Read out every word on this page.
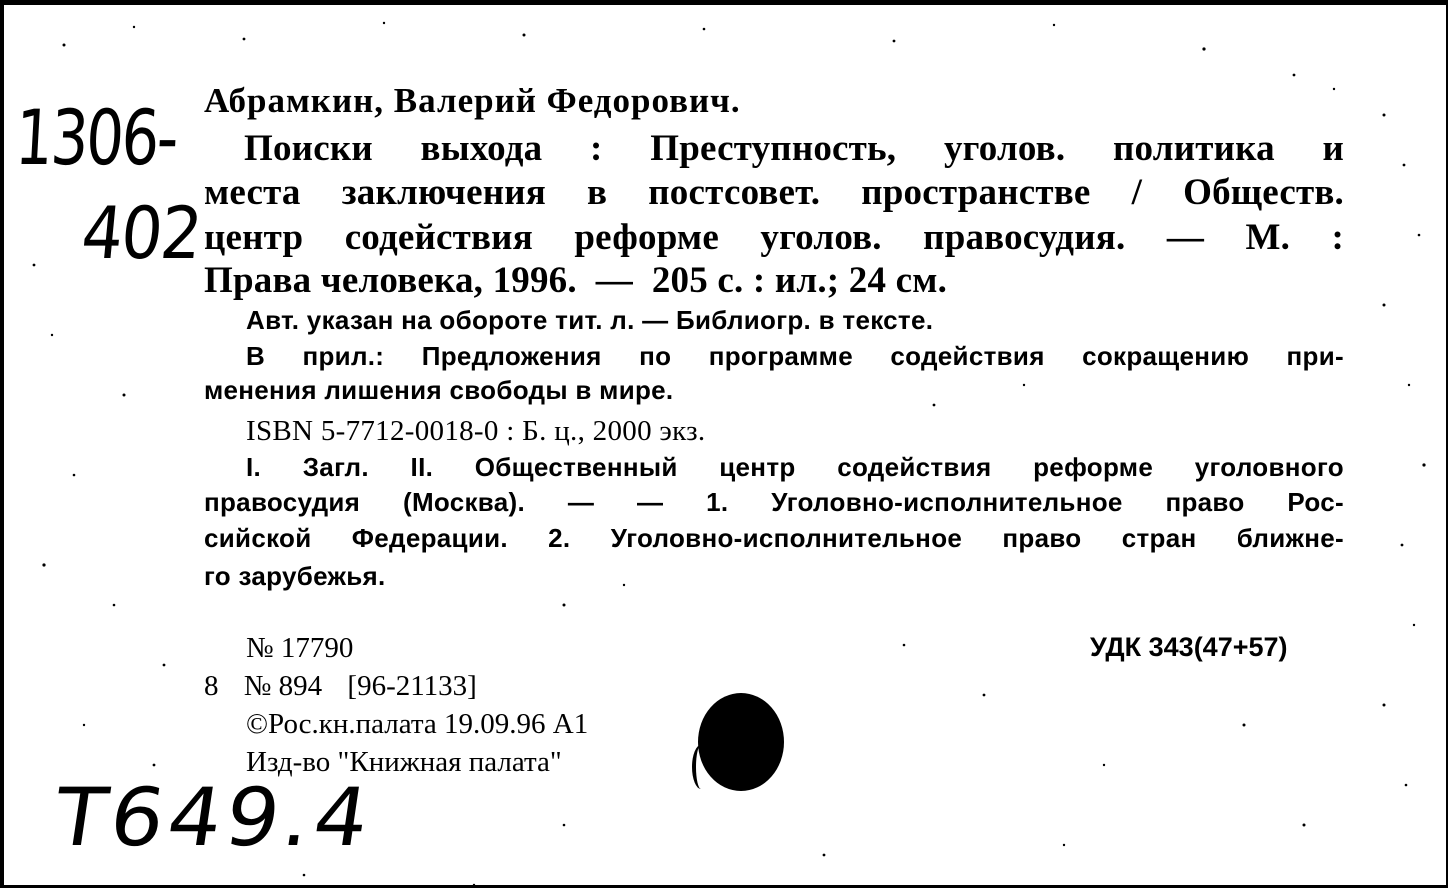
1306-
402
Абрамкин, Валерий Федорович.
Поиски выхода : Преступность, уголов. политика и
места заключения в постсовет. пространстве / Обществ.
центр содействия реформе уголов. правосудия. — М. :
Права человека, 1996.  —  205 с. : ил.; 24 см.
Авт. указан на обороте тит. л. — Библиогр. в тексте.
В прил.: Предложения по программе содействия сокращению при-
менения лишения свободы в мире.
ISBN 5-7712-0018-0 : Б. ц., 2000 экз.
I. Загл. II. Общественный центр содействия реформе уголовного
правосудия (Москва). — — 1. Уголовно-исполнительное право Рос-
сийской Федерации. 2. Уголовно-исполнительное право стран ближне-
го зарубежья.
№ 17790	УДК 343(47+57)
8 № 894 [96-21133]
©Рос.кн.палата 19.09.96 А1
Изд-во "Книжная палата"
T649.4
